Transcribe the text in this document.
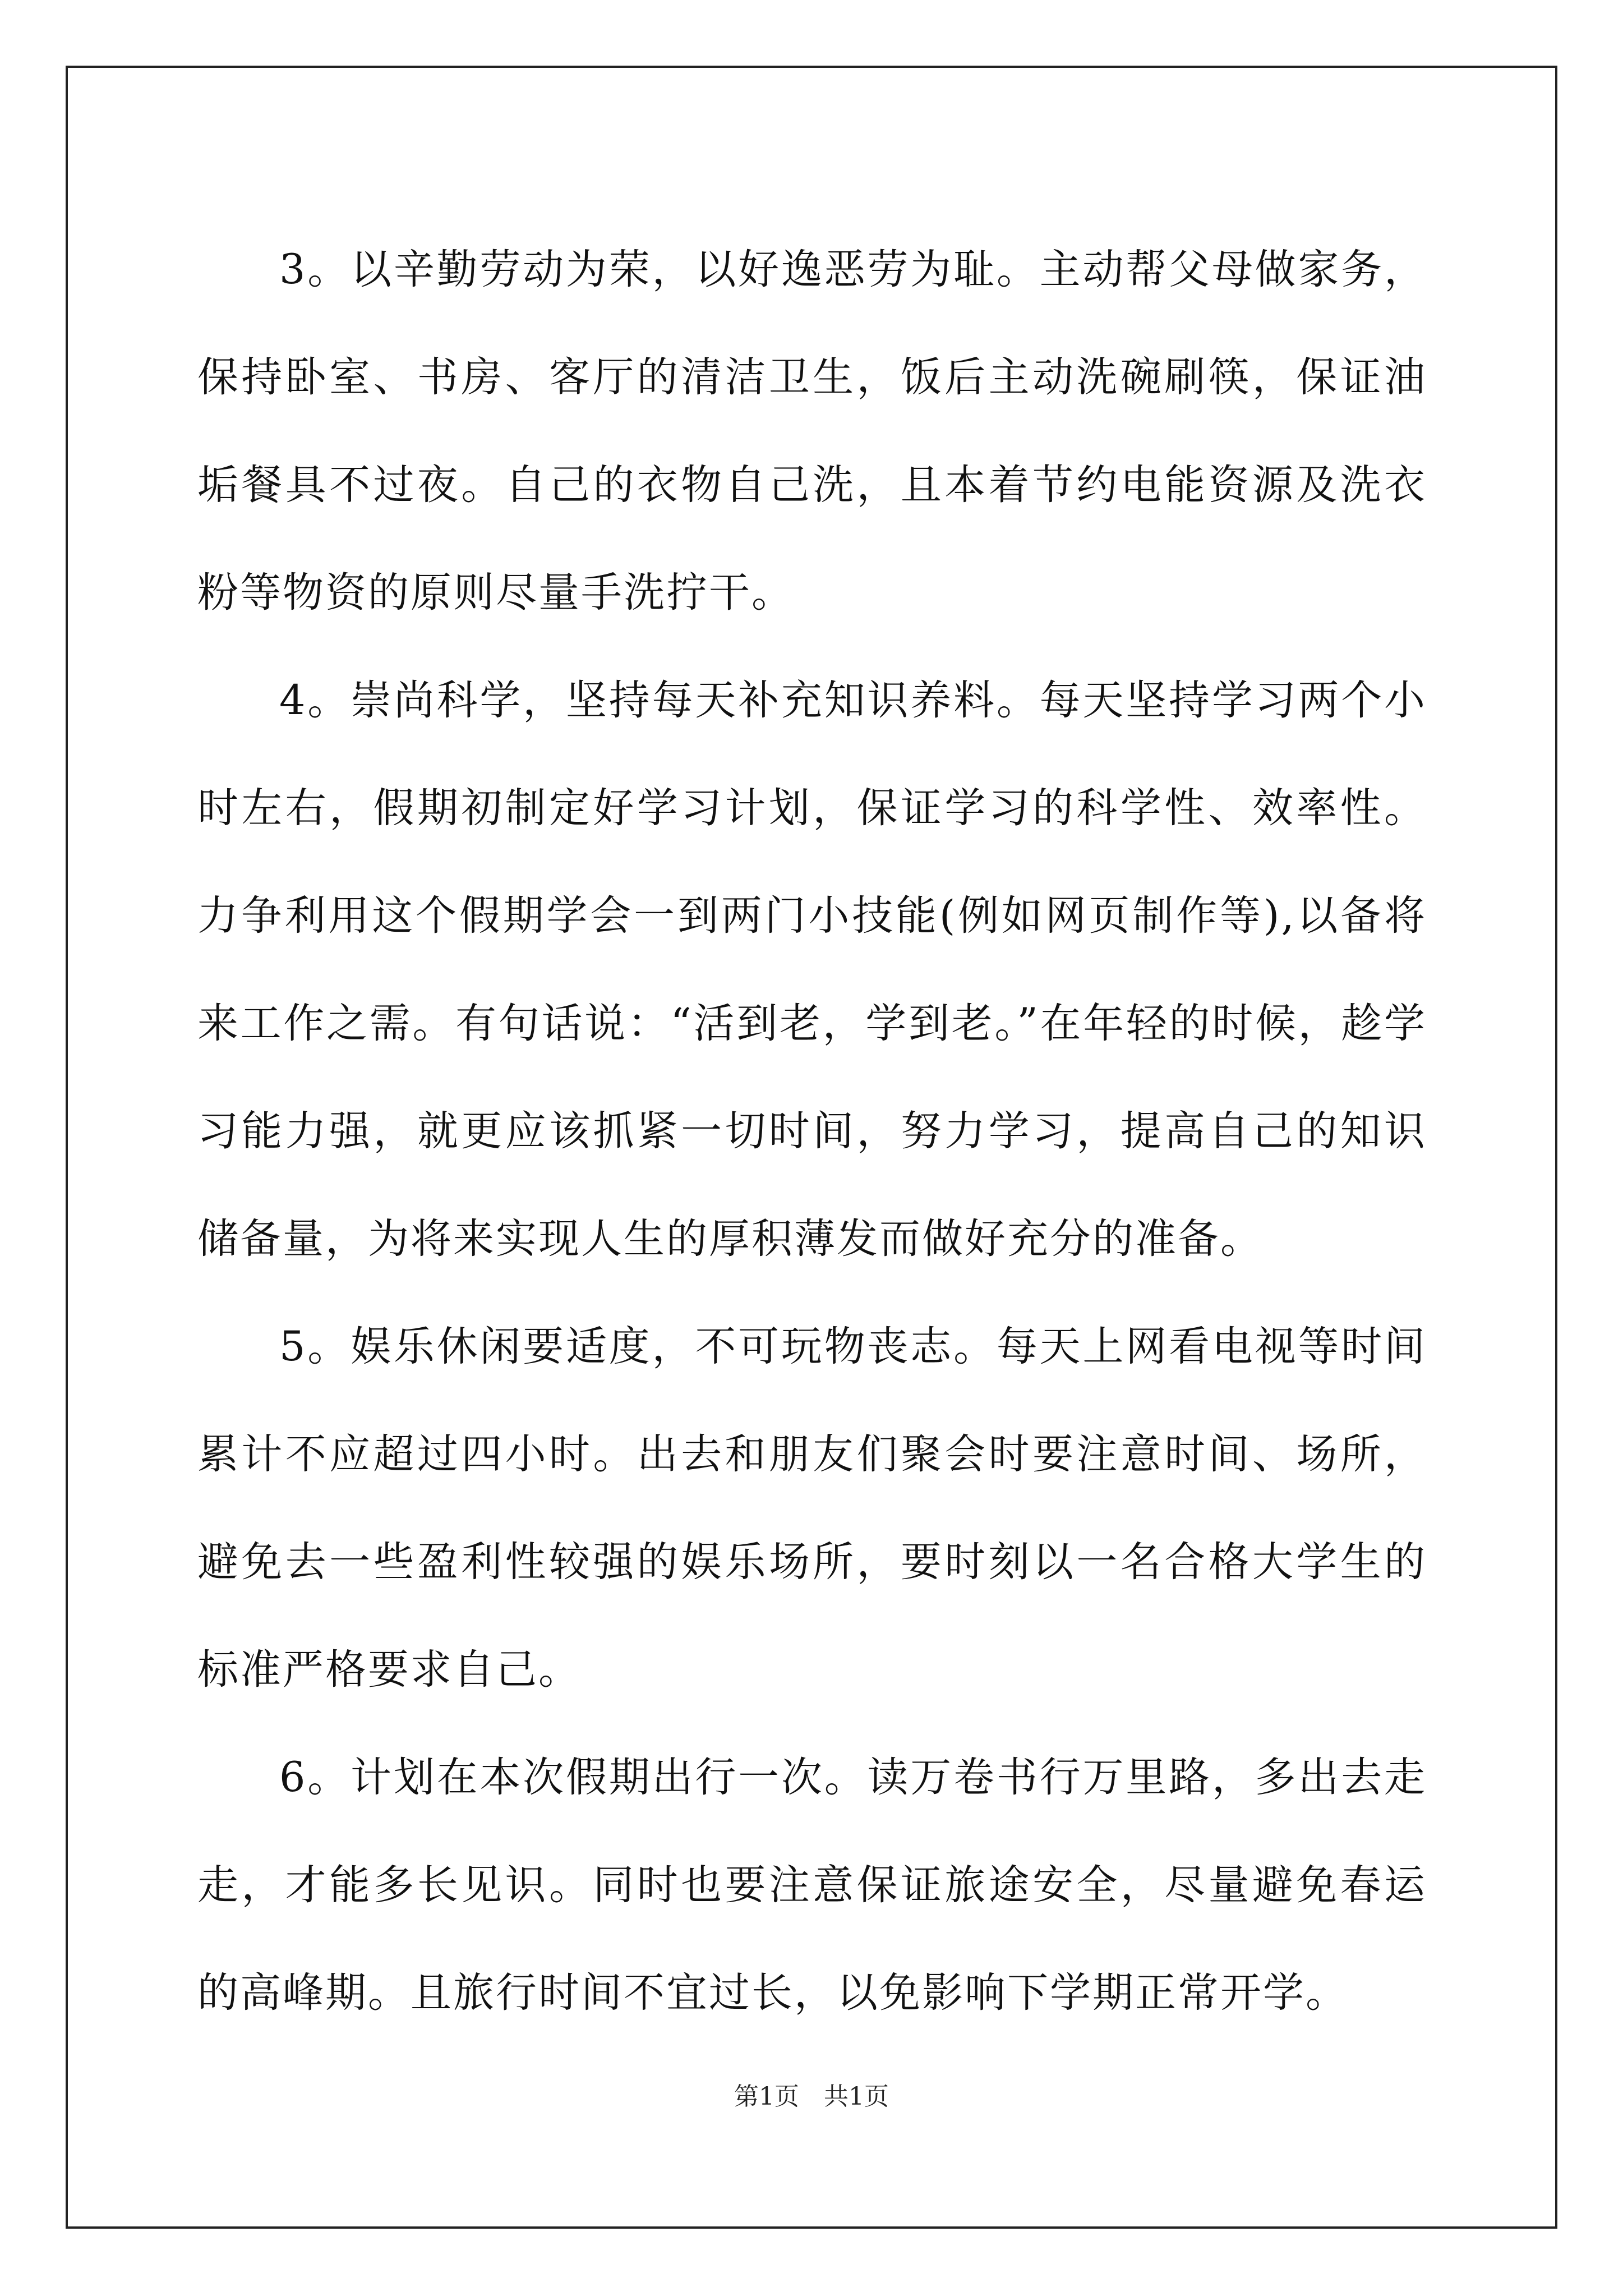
3。以辛勤劳动为荣，以好逸恶劳为耻。主动帮父母做家务，保持卧室、书房、客厅的清洁卫生，饭后主动洗碗刷筷，保证油垢餐具不过夜。自己的衣物自己洗，且本着节约电能资源及洗衣粉等物资的原则尽量手洗拧干。

4。崇尚科学，坚持每天补充知识养料。每天坚持学习两个小时左右，假期初制定好学习计划，保证学习的科学性、效率性。力争利用这个假期学会一到两门小技能(例如网页制作等),以备将来工作之需。有句话说：“活到老，学到老。”在年轻的时候，趁学习能力强，就更应该抓紧一切时间，努力学习，提高自己的知识储备量，为将来实现人生的厚积薄发而做好充分的准备。

5。娱乐休闲要适度，不可玩物丧志。每天上网看电视等时间累计不应超过四小时。出去和朋友们聚会时要注意时间、场所，避免去一些盈利性较强的娱乐场所，要时刻以一名合格大学生的标准严格要求自己。

6。计划在本次假期出行一次。读万卷书行万里路，多出去走走，才能多长见识。同时也要注意保证旅途安全，尽量避免春运的高峰期。且旅行时间不宜过长，以免影响下学期正常开学。

第1页　共1页
